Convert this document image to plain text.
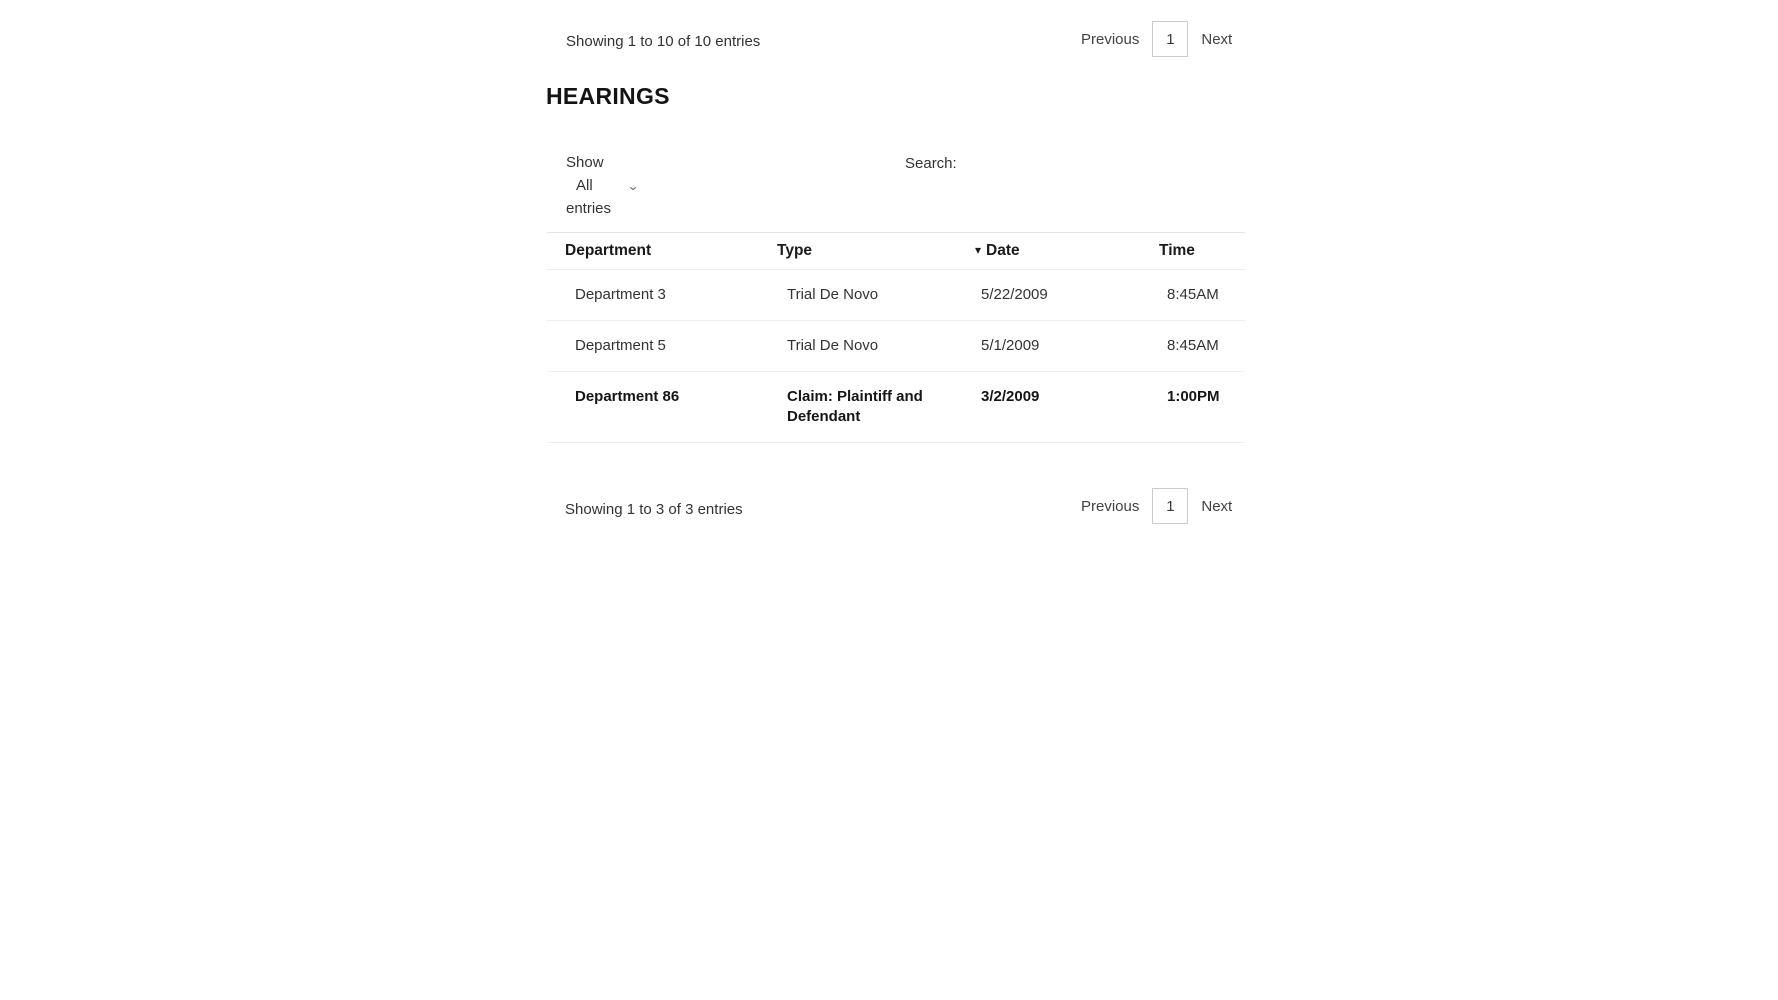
Showing 1 to 10 of 10 entries	Previous	1	Next
HEARINGS
Show
All	⌄
entries
Search:
Department	Type	▾ Date	Time
Department 3	Trial De Novo	5/22/2009	8:45AM
Department 5	Trial De Novo	5/1/2009	8:45AM
Department 86	Claim: Plaintiff and Defendant	3/2/2009	1:00PM
Showing 1 to 3 of 3 entries	Previous	1	Next
